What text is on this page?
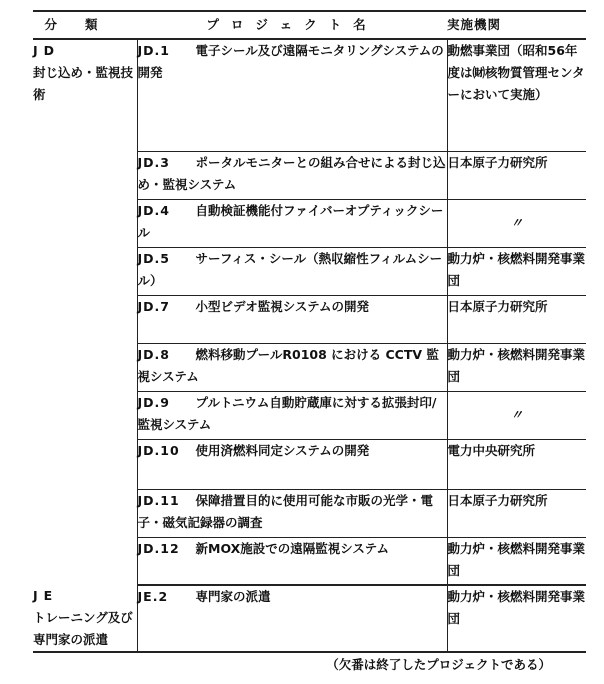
分類	プロジェクト名	実施機関

JD
封じ込め・監視技術	JD.1 電子シール及び遠隔モニタリングシステムの開発	動燃事業団（昭和56年度は㈶核物質管理センターにおいて実施）
	JD.3 ポータルモニターとの組み合せによる封じ込め・監視システム	日本原子力研究所
	JD.4 自動検証機能付ファイバーオプティックシール	〃
	JD.5 サーフィス・シール（熱収縮性フィルムシール）	動力炉・核燃料開発事業団
	JD.7 小型ビデオ監視システムの開発	日本原子力研究所
	JD.8 燃料移動プールR0108 における CCTV 監視システム	動力炉・核燃料開発事業団
	JD.9 プルトニウム自動貯蔵庫に対する拡張封印/監視システム	〃
	JD.10 使用済燃料同定システムの開発	電力中央研究所
	JD.11 保障措置目的に使用可能な市販の光学・電子・磁気記録器の調査	日本原子力研究所
	JD.12 新MOX施設での遠隔監視システム	動力炉・核燃料開発事業団

JE
トレーニング及び専門家の派遣	JE.2 専門家の派遣	動力炉・核燃料開発事業団
（欠番は終了したプロジェクトである）
